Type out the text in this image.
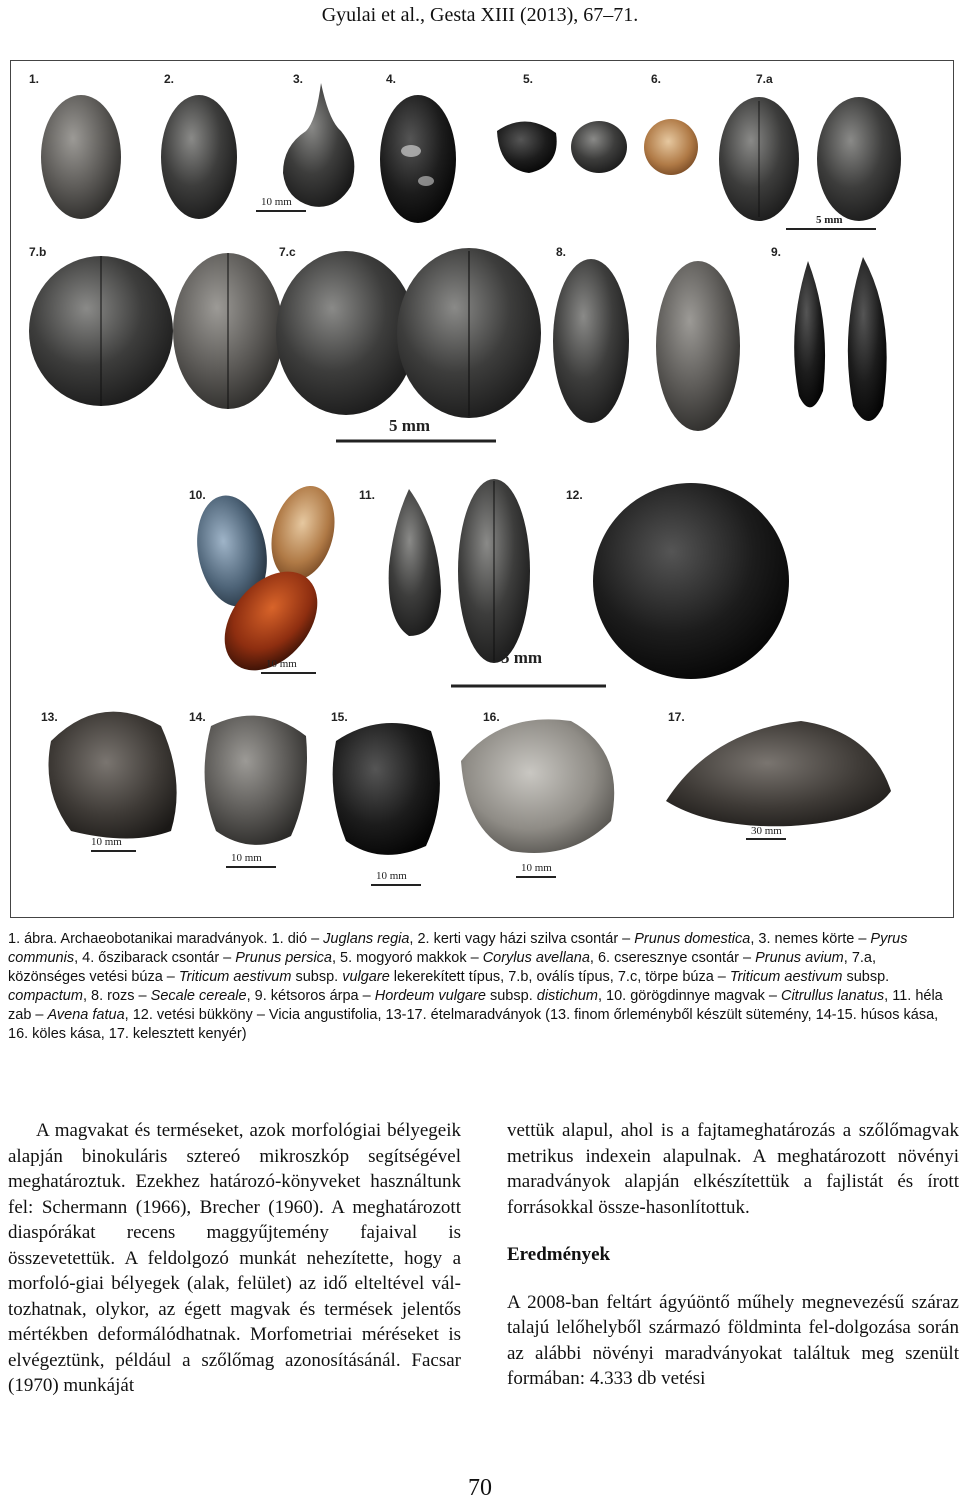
Gyulai et al., Gesta XIII (2013), 67–71.
1.	2.	3.
10 mm
4.	5.	6.	7.a
5 mm
7.b	7.c
5 mm
8.	9.
10.
10 mm
11.
5 mm
12.
13.
10 mm
14.
10 mm
15.
10 mm
16.
10 mm
17.
30 mm

1. ábra. Archaeobotanikai maradványok. 1. dió – Juglans regia, 2. kerti vagy házi szilva csontár – Prunus domestica, 3. nemes körte – Pyrus communis, 4. őszibarack csontár – Prunus persica, 5. mogyoró makkok – Corylus avellana, 6. cseresznye csontár – Prunus avium, 7.a, közönséges vetési búza – Triticum aestivum subsp. vulgare lekerekített típus, 7.b, oválís típus, 7.c, törpe búza – Triticum aestivum subsp. compactum, 8. rozs – Secale cereale, 9. kétsoros árpa – Hordeum vulgare subsp. distichum, 10. görögdinnye magvak – Citrullus lanatus, 11. héla zab – Avena fatua, 12. vetési bükköny – Vicia angustifolia, 13-17. ételmaradványok (13. finom őrleményből készült sütemény, 14-15. húsos kása, 16. köles kása, 17. kelesztett kenyér)

A magvakat és terméseket, azok morfológiai bélyegeik alapján binokuláris sztereó mikroszkóp segítségével meghatároztuk. Ezekhez határozó-könyveket használtunk fel: Schermann (1966), Brecher (1960). A meghatározott diaspórákat recens maggyűjtemény fajaival is összevetettük. A feldolgozó munkát nehezítette, hogy a morfoló-giai bélyegek (alak, felület) az idő elteltével vál-tozhatnak, olykor, az égett magvak és termések jelentős mértékben deformálódhatnak. Morfometriai méréseket is elvégeztünk, például a szőlőmag azonosításánál. Facsar (1970) munkáját

vettük alapul, ahol is a fajtameghatározás a szőlőmagvak metrikus indexein alapulnak. A meghatározott növényi maradványok alapján elkészítettük a fajlistát és írott forrásokkal össze-hasonlítottuk.

Eredmények

A 2008-ban feltárt ágyúöntő műhely megnevezésű száraz talajú lelőhelyből származó földminta fel-dolgozása során az alábbi növényi maradványokat találtuk meg szenült formában: 4.333 db vetési

70
